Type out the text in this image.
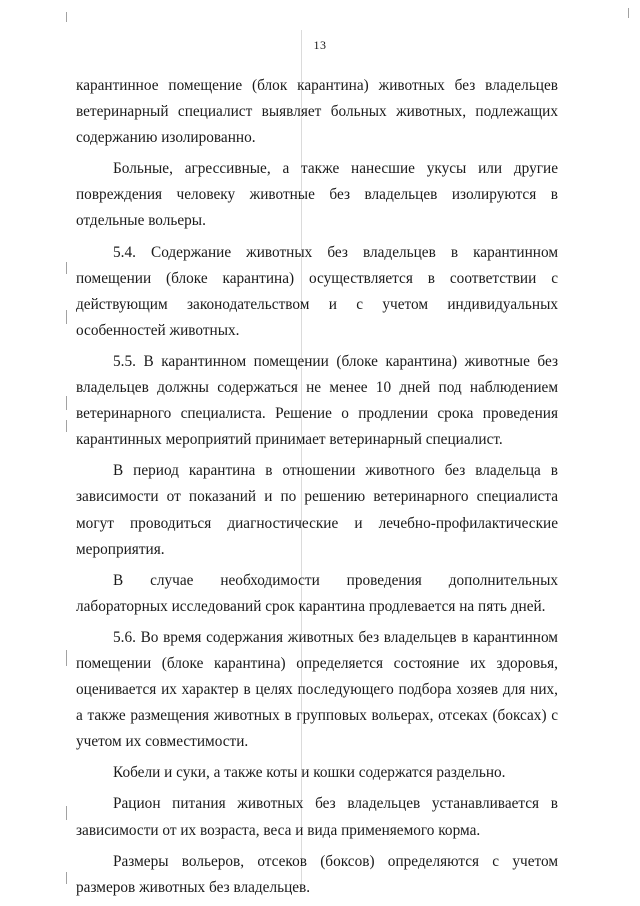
13

карантинное помещение (блок карантина) животных без владельцев ветеринарный специалист выявляет больных животных, подлежащих содержанию изолированно.

Больные, агрессивные, а также нанесшие укусы или другие повреждения человеку животные без владельцев изолируются в отдельные вольеры.

5.4. Содержание животных без владельцев в карантинном помещении (блоке карантина) осуществляется в соответствии с действующим законодательством и с учетом индивидуальных особенностей животных.

5.5. В карантинном помещении (блоке карантина) животные без владельцев должны содержаться не менее 10 дней под наблюдением ветеринарного специалиста. Решение о продлении срока проведения карантинных мероприятий принимает ветеринарный специалист.

В период карантина в отношении животного без владельца в зависимости от показаний и по решению ветеринарного специалиста могут проводиться диагностические и лечебно-профилактические мероприятия.

В случае необходимости проведения дополнительных лабораторных исследований срок карантина продлевается на пять дней.

5.6. Во время содержания животных без владельцев в карантинном помещении (блоке карантина) определяется состояние их здоровья, оценивается их характер в целях последующего подбора хозяев для них, а также размещения животных в групповых вольерах, отсеках (боксах) с учетом их совместимости.

Кобели и суки, а также коты и кошки содержатся раздельно.

Рацион питания животных без владельцев устанавливается в зависимости от их возраста, веса и вида применяемого корма.

Размеры вольеров, отсеков (боксов) определяются с учетом размеров животных без владельцев.
